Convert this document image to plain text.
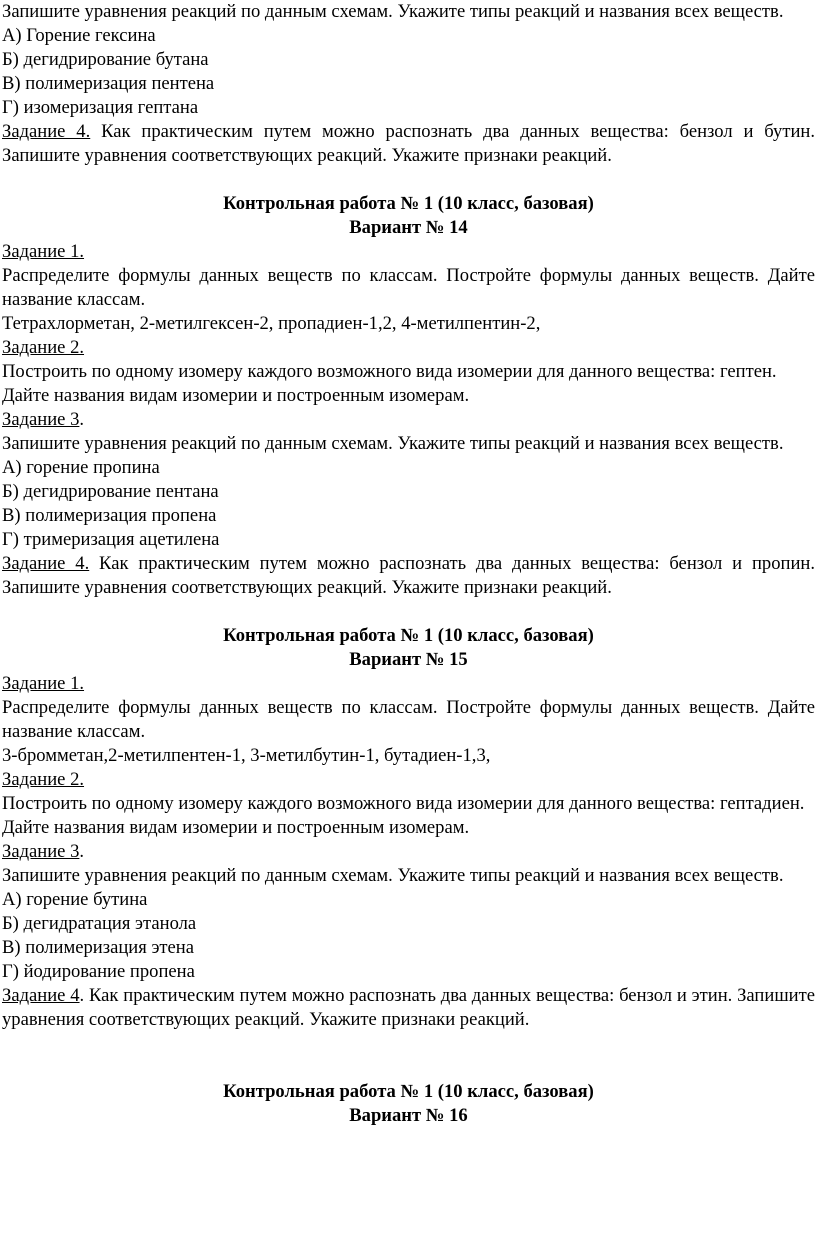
Запишите уравнения реакций по данным схемам. Укажите типы реакций и названия всех веществ.

А) Горение гексина

Б) дегидрирование бутана

В) полимеризация пентена

Г) изомеризация гептана

Задание 4. Как практическим путем можно распознать два данных вещества: бензол и бутин. Запишите уравнения соответствующих реакций. Укажите признаки реакций.

Контрольная работа № 1 (10 класс, базовая)

Вариант № 14

Задание 1.

Распределите формулы данных веществ по классам. Постройте формулы данных веществ. Дайте название классам.

Тетрахлорметан, 2-метилгексен-2, пропадиен-1,2, 4-метилпентин-2,

Задание 2.

Построить по одному изомеру каждого возможного вида изомерии для данного вещества: гептен.

Дайте названия видам изомерии и построенным изомерам.

Задание 3.

Запишите уравнения реакций по данным схемам. Укажите типы реакций и названия всех веществ.

А) горение пропина

Б) дегидрирование пентана

В) полимеризация пропена

Г) тримеризация ацетилена

Задание 4. Как практическим путем можно распознать два данных вещества: бензол и пропин. Запишите уравнения соответствующих реакций. Укажите признаки реакций.

Контрольная работа № 1 (10 класс, базовая)

Вариант № 15

Задание 1.

Распределите формулы данных веществ по классам. Постройте формулы данных веществ. Дайте название классам.

3-бромметан,2-метилпентен-1, 3-метилбутин-1, бутадиен-1,3,

Задание 2.

Построить по одному изомеру каждого возможного вида изомерии для данного вещества: гептадиен.

Дайте названия видам изомерии и построенным изомерам.

Задание 3.

Запишите уравнения реакций по данным схемам. Укажите типы реакций и названия всех веществ.

А) горение бутина

Б) дегидратация этанола

В) полимеризация этена

Г) йодирование пропена

Задание 4. Как практическим путем можно распознать два данных вещества: бензол и этин. Запишите уравнения соответствующих реакций. Укажите признаки реакций.

Контрольная работа № 1 (10 класс, базовая)

Вариант № 16
